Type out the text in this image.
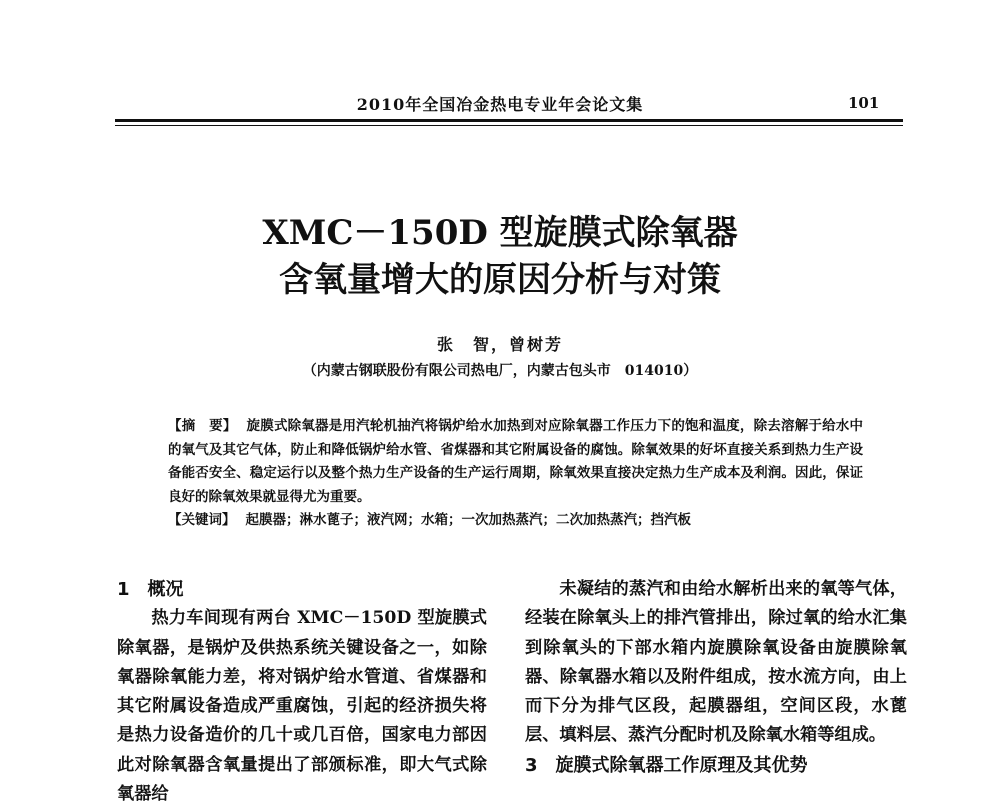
2010年全国冶金热电专业年会论文集	101
XMC－150D 型旋膜式除氧器
含氧量增大的原因分析与对策
张　智，曾树芳
（内蒙古钢联股份有限公司热电厂，内蒙古包头市　014010）

【摘　要】 旋膜式除氧器是用汽轮机抽汽将锅炉给水加热到对应除氧器工作压力下的饱和温度，除去溶解于给水中的氧气及其它气体，防止和降低锅炉给水管、省煤器和其它附属设备的腐蚀。除氧效果的好坏直接关系到热力生产设备能否安全、稳定运行以及整个热力生产设备的生产运行周期，除氧效果直接决定热力生产成本及利润。因此，保证良好的除氧效果就显得尤为重要。

【关键词】 起膜器；淋水蓖子；液汽网；水箱；一次加热蒸汽；二次加热蒸汽；挡汽板

1 概况

热力车间现有两台 XMC－150D 型旋膜式除氧器，是锅炉及供热系统关键设备之一，如除氧器除氧能力差，将对锅炉给水管道、省煤器和其它附属设备造成严重腐蚀，引起的经济损失将是热力设备造价的几十或几百倍，国家电力部因此对除氧器含氧量提出了部颁标准，即大气式除氧器给

未凝结的蒸汽和由给水解析出来的氧等气体，经装在除氧头上的排汽管排出，除过氧的给水汇集到除氧头的下部水箱内旋膜除氧设备由旋膜除氧器、除氧器水箱以及附件组成，按水流方向，由上而下分为排气区段，起膜器组，空间区段，水蓖层、填料层、蒸汽分配时机及除氧水箱等组成。

3 旋膜式除氧器工作原理及其优势
